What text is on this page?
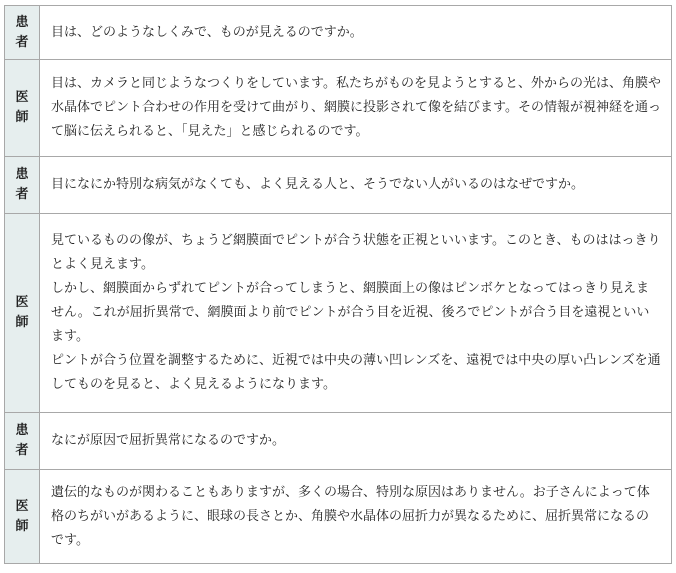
患
者	目は、どのようなしくみで、ものが見えるのですか。

医
師	目は、カメラと同じようなつくりをしています。私たちがものを見ようとすると、外からの光は、角膜や水晶体でピント合わせの作用を受けて曲がり、網膜に投影されて像を結びます。その情報が視神経を通って脳に伝えられると、「見えた」と感じられるのです。

患
者	目になにか特別な病気がなくても、よく見える人と、そうでない人がいるのはなぜですか。

医
師	見ているものの像が、ちょうど網膜面でピントが合う状態を正視といいます。このとき、ものははっきりとよく見えます。
しかし、網膜面からずれてピントが合ってしまうと、網膜面上の像はピンボケとなってはっきり見えません。これが屈折異常で、網膜面より前でピントが合う目を近視、後ろでピントが合う目を遠視といいます。
ピントが合う位置を調整するために、近視では中央の薄い凹レンズを、遠視では中央の厚い凸レンズを通してものを見ると、よく見えるようになります。

患
者	なにが原因で屈折異常になるのですか。

医
師	遺伝的なものが関わることもありますが、多くの場合、特別な原因はありません。お子さんによって体格のちがいがあるように、眼球の長さとか、角膜や水晶体の屈折力が異なるために、屈折異常になるのです。
